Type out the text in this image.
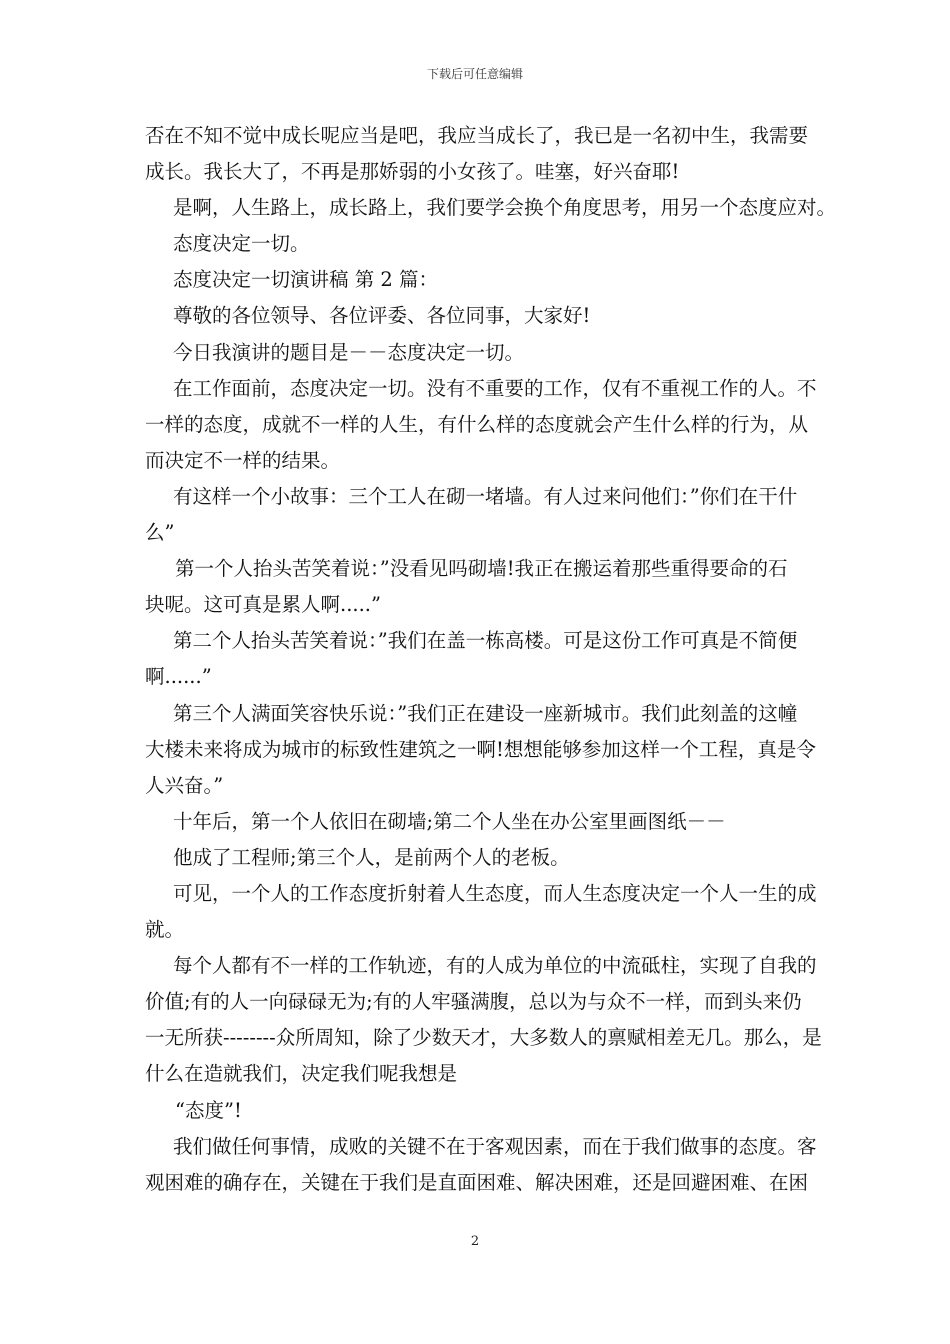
下载后可任意编辑
否在不知不觉中成长呢应当是吧，我应当成长了，我已是一名初中生，我需要
成长。我长大了，不再是那娇弱的小女孩了。哇塞，好兴奋耶!
是啊，人生路上，成长路上，我们要学会换个角度思考，用另一个态度应对。
态度决定一切。
态度决定一切演讲稿 第 2 篇：
尊敬的各位领导、各位评委、各位同事，大家好!
今日我演讲的题目是－－态度决定一切。
在工作面前，态度决定一切。没有不重要的工作，仅有不重视工作的人。不
一样的态度，成就不一样的人生，有什么样的态度就会产生什么样的行为，从
而决定不一样的结果。
有这样一个小故事：三个工人在砌一堵墙。有人过来问他们：”你们在干什
么”
第一个人抬头苦笑着说：”没看见吗砌墙!我正在搬运着那些重得要命的石
块呢。这可真是累人啊.....”
第二个人抬头苦笑着说：”我们在盖一栋高楼。可是这份工作可真是不简便
啊......”
第三个人满面笑容快乐说：”我们正在建设一座新城市。我们此刻盖的这幢
大楼未来将成为城市的标致性建筑之一啊!想想能够参加这样一个工程，真是令
人兴奋。”
十年后，第一个人依旧在砌墙;第二个人坐在办公室里画图纸－－
他成了工程师;第三个人，是前两个人的老板。
可见，一个人的工作态度折射着人生态度，而人生态度决定一个人一生的成
就。
每个人都有不一样的工作轨迹，有的人成为单位的中流砥柱，实现了自我的
价值;有的人一向碌碌无为;有的人牢骚满腹，总以为与众不一样，而到头来仍
一无所获--------众所周知，除了少数天才，大多数人的禀赋相差无几。那么，是
什么在造就我们，决定我们呢我想是
“态度”!
我们做任何事情，成败的关键不在于客观因素，而在于我们做事的态度。客
观困难的确存在，关键在于我们是直面困难、解决困难，还是回避困难、在困
2
